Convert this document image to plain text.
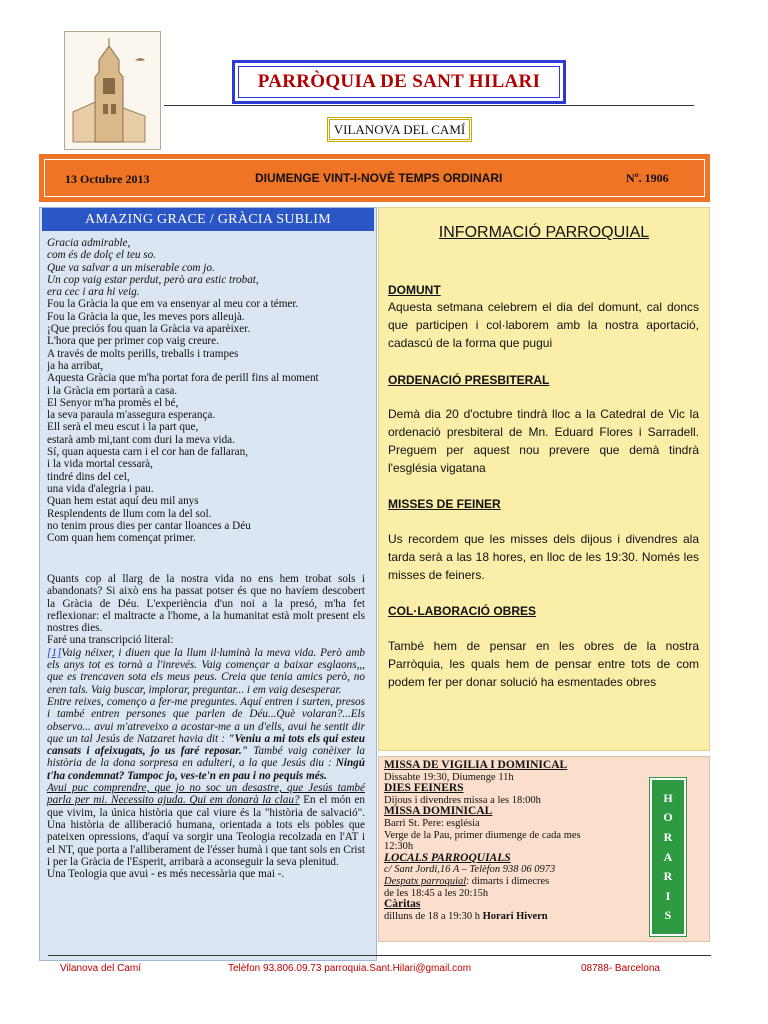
PARRÒQUIA DE SANT HILARI
VILANOVA DEL CAMÍ
13 Octubre 2013	DIUMENGE VINT-I-NOVÈ TEMPS ORDINARI	Nº. 1906
AMAZING GRACE / GRÀCIA SUBLIM
Gracia admirable,
com és de dolç el teu so.
Que va salvar a un miserable com jo.
Un cop vaig estar perdut, però ara estic trobat,
era cec i ara hi veig.
Fou la Gràcia la que em va ensenyar al meu cor a témer.
Fou la Gràcia la que, les meves pors alleujà.
¡Que preciós fou quan la Gràcia va aparèixer.
L'hora que per primer cop vaig creure.
A través de molts perills, treballs i trampes
ja ha arribat,
Aquesta Gràcia que m'ha portat fora de perill fins al moment
i la Gràcia em portarà a casa.
El Senyor m'ha promès el bé,
la seva paraula m'assegura esperança.
Ell serà el meu escut i la part que,
estarà amb mi,tant com duri la meva vida.
Sí, quan aquesta carn i el cor han de fallaran,
i la vida mortal cessarà,
tindré dins del cel,
una vida d'alegria i pau.
Quan hem estat aquí deu mil anys
Resplendents de llum com la del sol.
no tenim prous dies per cantar lloances a Déu
Com quan hem començat primer.

Quants cop al llarg de la nostra vida no ens hem trobat sols i abandonats? Si això ens ha passat potser és que no havíem descobert la Gràcia de Déu. L'experiència d'un noi a la presó, m'ha fet reflexionar: el maltracte a l'home, a la humanitat està molt present els nostres dies.

Faré una transcripció literal:

[1]Vaig néixer, i diuen que la llum il·luminà la meva vida. Però amb els anys tot es tornà a l'inrevés. Vaig començar a baixar esglaons,,, que es trencaven sota els meus peus. Creia que tenia amics però, no eren tals. Vaig buscar, implorar, preguntar... i em vaig desesperar.

Entre reixes, començo a fer-me preguntes. Aquí entren i surten, presos i també entren persones que parlen de Déu...Què volaran?...Els observo... avui m'atreveixo a acostar-me a un d'ells, avui he sentit dir que un tal Jesús de Natzaret havia dit : "Veniu a mi tots els qui esteu cansats i afeixugats, jo us faré reposar." També vaig conèixer la història de la dona sorpresa en adulteri, a la que Jesús diu : Ningú t'ha condemnat? Tampoc jo, ves-te'n en pau i no pequis més.

Avui puc comprendre, que jo no soc un desastre, que Jesús també parla per mi. Necessito ajuda. Qui em donarà la clau? En el món en que vivim, la única història que cal viure és la "història de salvació". Una història de alliberació humana, orientada a tots els pobles que pateixen opressions, d'aquí va sorgir una Teologia recolzada en l'AT i el NT, que porta a l'alliberament de l'ésser humà i que tant sols en Crist i per la Gràcia de l'Esperit, arribarà a aconseguir la seva plenitud.

Una Teologia que avui - es més necessària que mai -.

INFORMACIÓ PARROQUIAL
DOMUNT
Aquesta setmana celebrem el dia del domunt, cal doncs que participen i col·laborem amb la nostra aportació, cadascú de la forma que pugui
ORDENACIÓ PRESBITERAL
Demà dia 20 d'octubre tindrà lloc a la Catedral de Vic la ordenació presbiteral de Mn. Eduard Flores i Sarradell. Preguem per aquest nou prevere que demà tindrà l'església vigatana
MISSES DE FEINER
Us recordem que les misses dels dijous i divendres ala tarda serà a las 18 hores, en lloc de les 19:30. Només les misses de feiners.
COL·LABORACIÓ OBRES
També hem de pensar en les obres de la nostra Parròquia, les quals hem de pensar entre tots de com podem fer per donar solució ha esmentades obres
MISSA DE VIGILIA I DOMINICAL
Dissabte 19:30, Diumenge 11h
DIES FEINERS
Dijous i divendres missa a les 18:00h
MISSA DOMINICAL
Barri St. Pere: església
Verge de la Pau, primer diumenge de cada mes
12:30h
LOCALS PARROQUIALS
c/ Sant Jordi,16 A – Telèfon 938 06 0973
Despatx parroquial: dimarts i dimecres
de les 18:45 a les 20:15h
Càritas
dilluns de 18 a 19:30 h Horari Hivern
H
O
R
A
R
I
S
Vilanova del Camí	Telèfon 93.806.09.73 parroquia.Sant.Hilari@gmail.com	08788- Barcelona
